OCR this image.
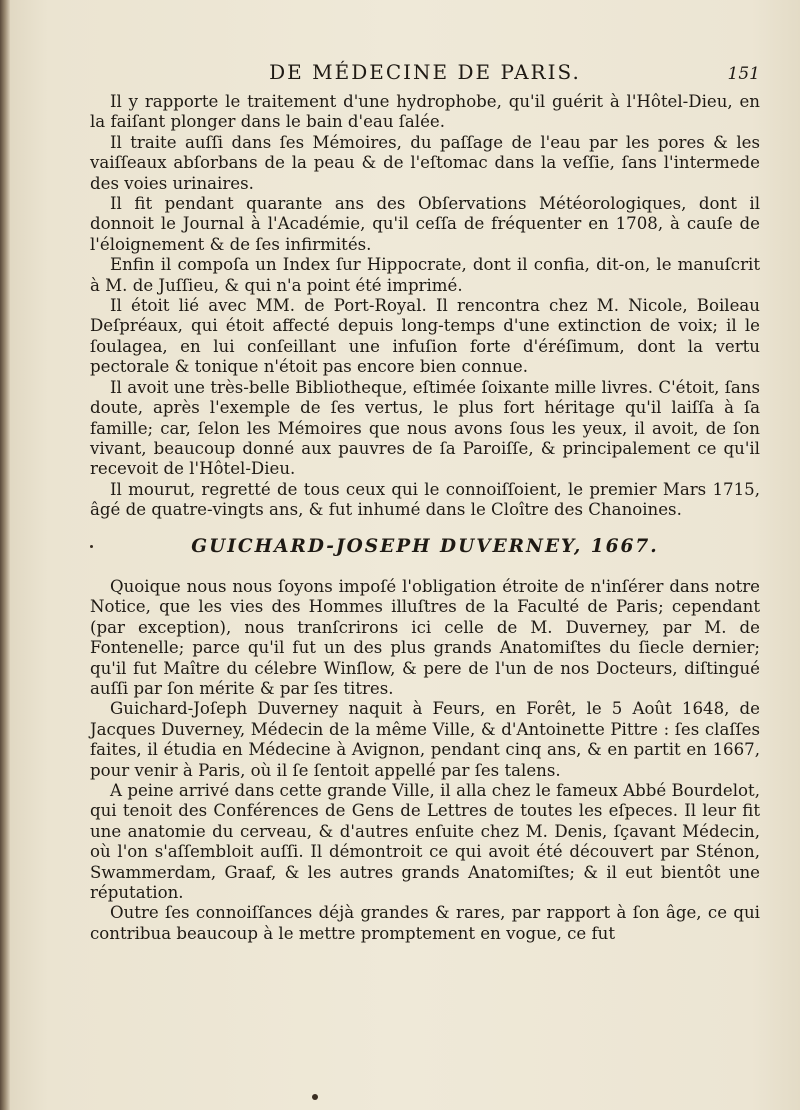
DE MÉDECINE DE PARIS.	151

Il y rapporte le traitement d'une hydrophobe, qu'il guérit à l'Hôtel-Dieu, en la faiſant plonger dans le bain d'eau ſalée.

Il traite auſſi dans ſes Mémoires, du paſſage de l'eau par les pores & les vaiſſeaux abſorbans de la peau & de l'eſtomac dans la veſſie, ſans l'intermede des voies urinaires.

Il fit pendant quarante ans des Obſervations Météorologiques, dont il donnoit le Journal à l'Académie, qu'il ceſſa de fréquenter en 1708, à cauſe de l'éloignement & de ſes infirmités.

Enfin il compoſa un Index ſur Hippocrate, dont il confia, dit-on, le manuſcrit à M. de Juſſieu, & qui n'a point été imprimé.

Il étoit lié avec MM. de Port-Royal. Il rencontra chez M. Nicole, Boileau Deſpréaux, qui étoit affecté depuis long-temps d'une extinction de voix; il le ſoulagea, en lui conſeillant une infuſion forte d'éréſimum, dont la vertu pectorale & tonique n'étoit pas encore bien connue.

Il avoit une très-belle Bibliotheque, eſtimée ſoixante mille livres. C'étoit, ſans doute, après l'exemple de ſes vertus, le plus fort héritage qu'il laiſſa à ſa famille; car, ſelon les Mémoires que nous avons ſous les yeux, il avoit, de ſon vivant, beaucoup donné aux pauvres de ſa Paroiſſe, & principalement ce qu'il recevoit de l'Hôtel-Dieu.

Il mourut, regretté de tous ceux qui le connoiſſoient, le premier Mars 1715, âgé de quatre-vingts ans, & fut inhumé dans le Cloître des Chanoines.

GUICHARD-JOSEPH DUVERNEY, 1667.

Quoique nous nous ſoyons impoſé l'obligation étroite de n'inſérer dans notre Notice, que les vies des Hommes illuſtres de la Faculté de Paris; cependant (par exception), nous tranſcrirons ici celle de M. Duverney, par M. de Fontenelle; parce qu'il fut un des plus grands Anatomiſtes du ſiecle dernier; qu'il fut Maître du célebre Winſlow, & pere de l'un de nos Docteurs, diſtingué auſſi par ſon mérite & par ſes titres.

Guichard-Joſeph Duverney naquit à Feurs, en Forêt, le 5 Août 1648, de Jacques Duverney, Médecin de la même Ville, & d'Antoinette Pittre : ſes claſſes faites, il étudia en Médecine à Avignon, pendant cinq ans, & en partit en 1667, pour venir à Paris, où il ſe ſentoit appellé par ſes talens.

A peine arrivé dans cette grande Ville, il alla chez le fameux Abbé Bourdelot, qui tenoit des Conférences de Gens de Lettres de toutes les eſpeces. Il leur fit une anatomie du cerveau, & d'autres enſuite chez M. Denis, ſçavant Médecin, où l'on s'aſſembloit auſſi. Il démontroit ce qui avoit été découvert par Sténon, Swammerdam, Graaf, & les autres grands Anatomiſtes; & il eut bientôt une réputation.

Outre ſes connoiſſances déjà grandes & rares, par rapport à ſon âge, ce qui contribua beaucoup à le mettre promptement en vogue, ce fut
